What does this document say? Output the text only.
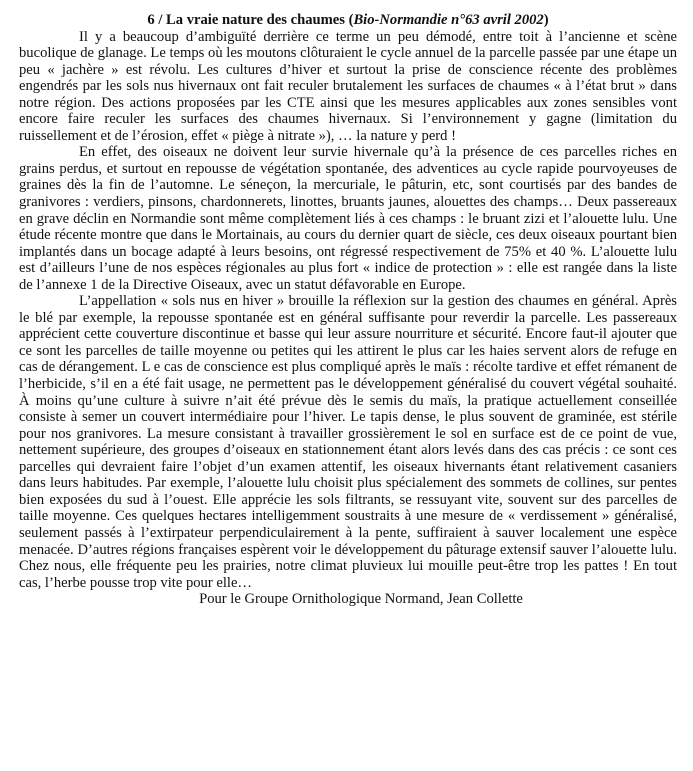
6 / La vraie nature des chaumes (Bio-Normandie n°63 avril 2002)

Il y a beaucoup d’ambiguïté derrière ce terme un peu démodé, entre toit à l’ancienne et scène bucolique de glanage. Le temps où les moutons clôturaient le cycle annuel de la parcelle passée par une étape un peu « jachère » est révolu. Les cultures d’hiver et surtout la prise de conscience récente des problèmes engendrés par les sols nus hivernaux ont fait reculer brutalement les surfaces de chaumes « à l’état brut » dans notre région. Des actions proposées par les CTE ainsi que les mesures applicables aux zones sensibles vont encore faire reculer les surfaces des chaumes hivernaux. Si l’environnement y gagne (limitation du ruissellement et de l’érosion, effet « piège à nitrate »), … la nature y perd !

En effet, des oiseaux ne doivent leur survie hivernale qu’à la présence de ces parcelles riches en grains perdus, et surtout en repousse de végétation spontanée, des adventices au cycle rapide pourvoyeuses de graines dès la fin de l’automne. Le séneçon, la mercuriale, le pâturin, etc, sont courtisés par des bandes de granivores : verdiers, pinsons, chardonnerets, linottes, bruants jaunes, alouettes des champs… Deux passereaux en grave déclin en Normandie sont même complètement liés à ces champs : le bruant zizi et l’alouette lulu. Une étude récente montre que dans le Mortainais, au cours du dernier quart de siècle, ces deux oiseaux pourtant bien implantés dans un bocage adapté à leurs besoins, ont régressé respectivement de 75% et 40 %. L’alouette lulu est d’ailleurs l’une de nos espèces régionales au plus fort « indice de protection » : elle est rangée dans la liste de l’annexe 1 de la Directive Oiseaux, avec un statut défavorable en Europe.

L’appellation « sols nus en hiver » brouille la réflexion sur la gestion des chaumes en général. Après le blé par exemple, la repousse spontanée est en général suffisante pour reverdir la parcelle. Les passereaux apprécient cette couverture discontinue et basse qui leur assure nourriture et sécurité. Encore faut-il ajouter que ce sont les parcelles de taille moyenne ou petites qui les attirent le plus car les haies servent alors de refuge en cas de dérangement. L e cas de conscience est plus compliqué après le maïs : récolte tardive et effet rémanent de l’herbicide, s’il en a été fait usage, ne permettent pas le développement généralisé du couvert végétal souhaité. À moins qu’une culture à suivre n’ait été prévue dès le semis du maïs, la pratique actuellement conseillée consiste à semer un couvert intermédiaire pour l’hiver. Le tapis dense, le plus souvent de graminée, est stérile pour nos granivores. La mesure consistant à travailler grossièrement le sol en surface est de ce point de vue, nettement supérieure, des groupes d’oiseaux en stationnement étant alors levés dans des cas précis : ce sont ces parcelles qui devraient faire l’objet d’un examen attentif, les oiseaux hivernants étant relativement casaniers dans leurs habitudes. Par exemple, l’alouette lulu choisit plus spécialement des sommets de collines, sur pentes bien exposées du sud à l’ouest. Elle apprécie les sols filtrants, se ressuyant vite, souvent sur des parcelles de taille moyenne. Ces quelques hectares intelligemment soustraits à une mesure de « verdissement » généralisé, seulement passés à l’extirpateur perpendiculairement à la pente, suffiraient à sauver localement une espèce menacée. D’autres régions françaises espèrent voir le développement du pâturage extensif sauver l’alouette lulu. Chez nous, elle fréquente peu les prairies, notre climat pluvieux lui mouille peut-être trop les pattes ! En tout cas, l’herbe pousse trop vite pour elle…

Pour le Groupe Ornithologique Normand, Jean Collette
